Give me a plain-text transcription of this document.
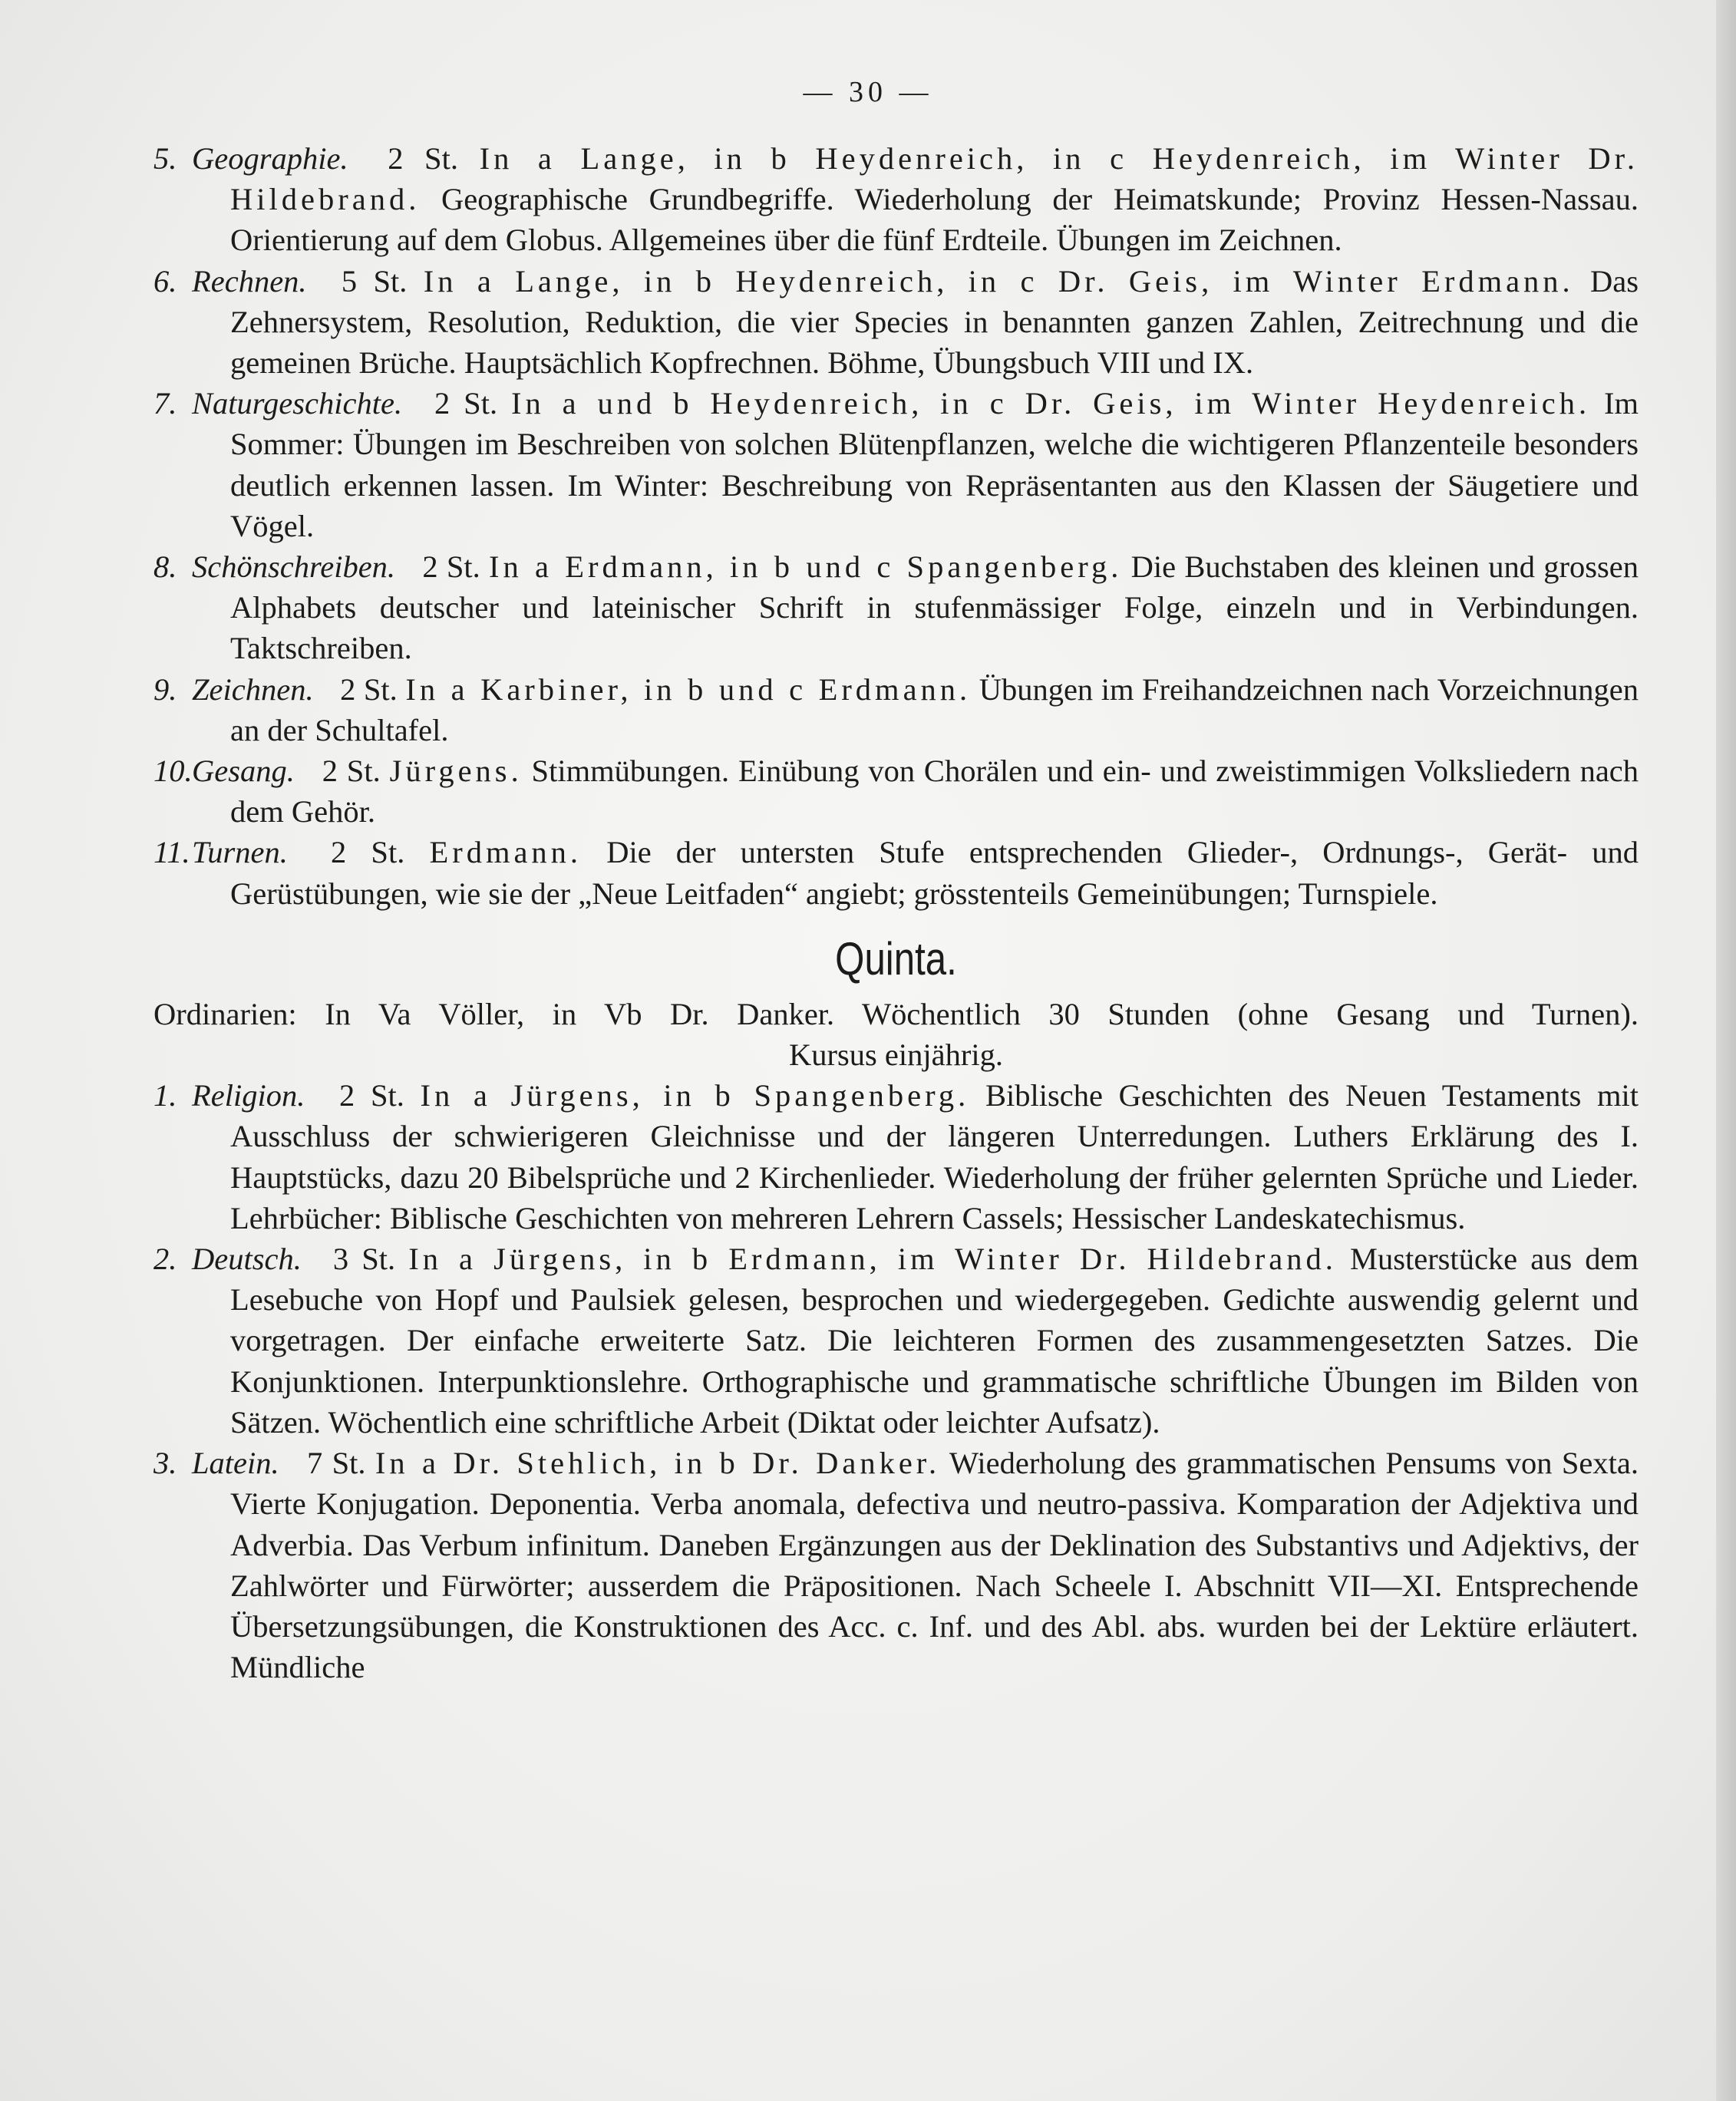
— 30 —
5. Geographie. 2 St. In a Lange, in b Heydenreich, in c Heydenreich, im Winter Dr. Hildebrand. Geographische Grundbegriffe. Wiederholung der Heimatskunde; Provinz Hessen-Nassau. Orientierung auf dem Globus. Allgemeines über die fünf Erdteile. Übungen im Zeichnen.
6. Rechnen. 5 St. In a Lange, in b Heydenreich, in c Dr. Geis, im Winter Erdmann. Das Zehnersystem, Resolution, Reduktion, die vier Species in benannten ganzen Zahlen, Zeitrechnung und die gemeinen Brüche. Hauptsächlich Kopfrechnen. Böhme, Übungsbuch VIII und IX.
7. Naturgeschichte. 2 St. In a und b Heydenreich, in c Dr. Geis, im Winter Heydenreich. Im Sommer: Übungen im Beschreiben von solchen Blütenpflanzen, welche die wichtigeren Pflanzenteile besonders deutlich erkennen lassen. Im Winter: Beschreibung von Repräsentanten aus den Klassen der Säugetiere und Vögel.
8. Schönschreiben. 2 St. In a Erdmann, in b und c Spangenberg. Die Buchstaben des kleinen und grossen Alphabets deutscher und lateinischer Schrift in stufenmässiger Folge, einzeln und in Verbindungen. Taktschreiben.
9. Zeichnen. 2 St. In a Karbiner, in b und c Erdmann. Übungen im Freihandzeichnen nach Vorzeichnungen an der Schultafel.
10.Gesang. 2 St. Jürgens. Stimmübungen. Einübung von Chorälen und ein- und zweistimmigen Volksliedern nach dem Gehör.
11.Turnen. 2 St. Erdmann. Die der untersten Stufe entsprechenden Glieder-, Ordnungs-, Gerät- und Gerüstübungen, wie sie der „Neue Leitfaden“ angiebt; grösstenteils Gemeinübungen; Turnspiele.
Quinta.
Ordinarien: In Va Völler, in Vb Dr. Danker. Wöchentlich 30 Stunden (ohne Gesang und Turnen).
Kursus einjährig.
1. Religion. 2 St. In a Jürgens, in b Spangenberg. Biblische Geschichten des Neuen Testaments mit Ausschluss der schwierigeren Gleichnisse und der längeren Unterredungen. Luthers Erklärung des I. Hauptstücks, dazu 20 Bibelsprüche und 2 Kirchenlieder. Wiederholung der früher gelernten Sprüche und Lieder. Lehrbücher: Biblische Geschichten von mehreren Lehrern Cassels; Hessischer Landeskatechismus.
2. Deutsch. 3 St. In a Jürgens, in b Erdmann, im Winter Dr. Hildebrand. Musterstücke aus dem Lesebuche von Hopf und Paulsiek gelesen, besprochen und wiedergegeben. Gedichte auswendig gelernt und vorgetragen. Der einfache erweiterte Satz. Die leichteren Formen des zusammengesetzten Satzes. Die Konjunktionen. Interpunktionslehre. Orthographische und grammatische schriftliche Übungen im Bilden von Sätzen. Wöchentlich eine schriftliche Arbeit (Diktat oder leichter Aufsatz).
3. Latein. 7 St. In a Dr. Stehlich, in b Dr. Danker. Wiederholung des grammatischen Pensums von Sexta. Vierte Konjugation. Deponentia. Verba anomala, defectiva und neutro-passiva. Komparation der Adjektiva und Adverbia. Das Verbum infinitum. Daneben Ergänzungen aus der Deklination des Substantivs und Adjektivs, der Zahlwörter und Fürwörter; ausserdem die Präpositionen. Nach Scheele I. Abschnitt VII—XI. Entsprechende Übersetzungsübungen, die Konstruktionen des Acc. c. Inf. und des Abl. abs. wurden bei der Lektüre erläutert. Mündliche
